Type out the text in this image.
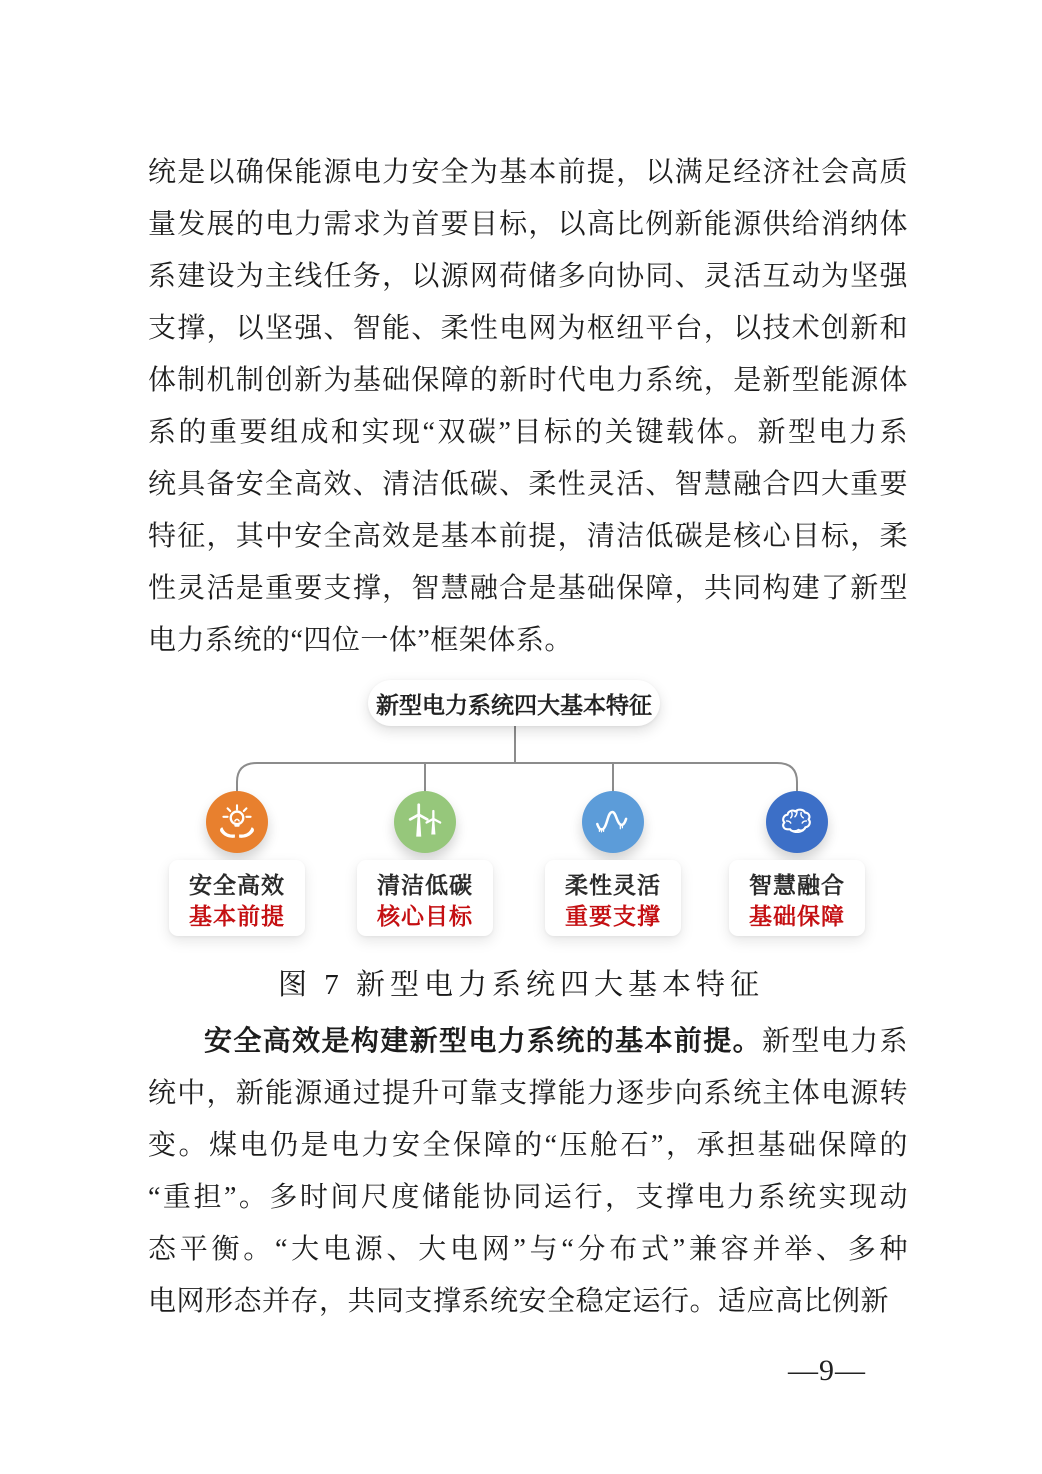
统是以确保能源电力安全为基本前提，以满足经济社会高质
量发展的电力需求为首要目标，以高比例新能源供给消纳体
系建设为主线任务，以源网荷储多向协同、灵活互动为坚强
支撑，以坚强、智能、柔性电网为枢纽平台，以技术创新和
体制机制创新为基础保障的新时代电力系统，是新型能源体
系的重要组成和实现“双碳”目标的关键载体。新型电力系
统具备安全高效、清洁低碳、柔性灵活、智慧融合四大重要
特征，其中安全高效是基本前提，清洁低碳是核心目标，柔
性灵活是重要支撑，智慧融合是基础保障，共同构建了新型
电力系统的“四位一体”框架体系。
新型电力系统四大基本特征
安全高效
基本前提
清洁低碳
核心目标
柔性灵活
重要支撑
智慧融合
基础保障
图 7 新型电力系统四大基本特征
安全高效是构建新型电力系统的基本前提。新型电力系
统中，新能源通过提升可靠支撑能力逐步向系统主体电源转
变。煤电仍是电力安全保障的“压舱石”，承担基础保障的
“重担”。多时间尺度储能协同运行，支撑电力系统实现动
态平衡。“大电源、大电网”与“分布式”兼容并举、多种
电网形态并存，共同支撑系统安全稳定运行。适应高比例新
—9—
